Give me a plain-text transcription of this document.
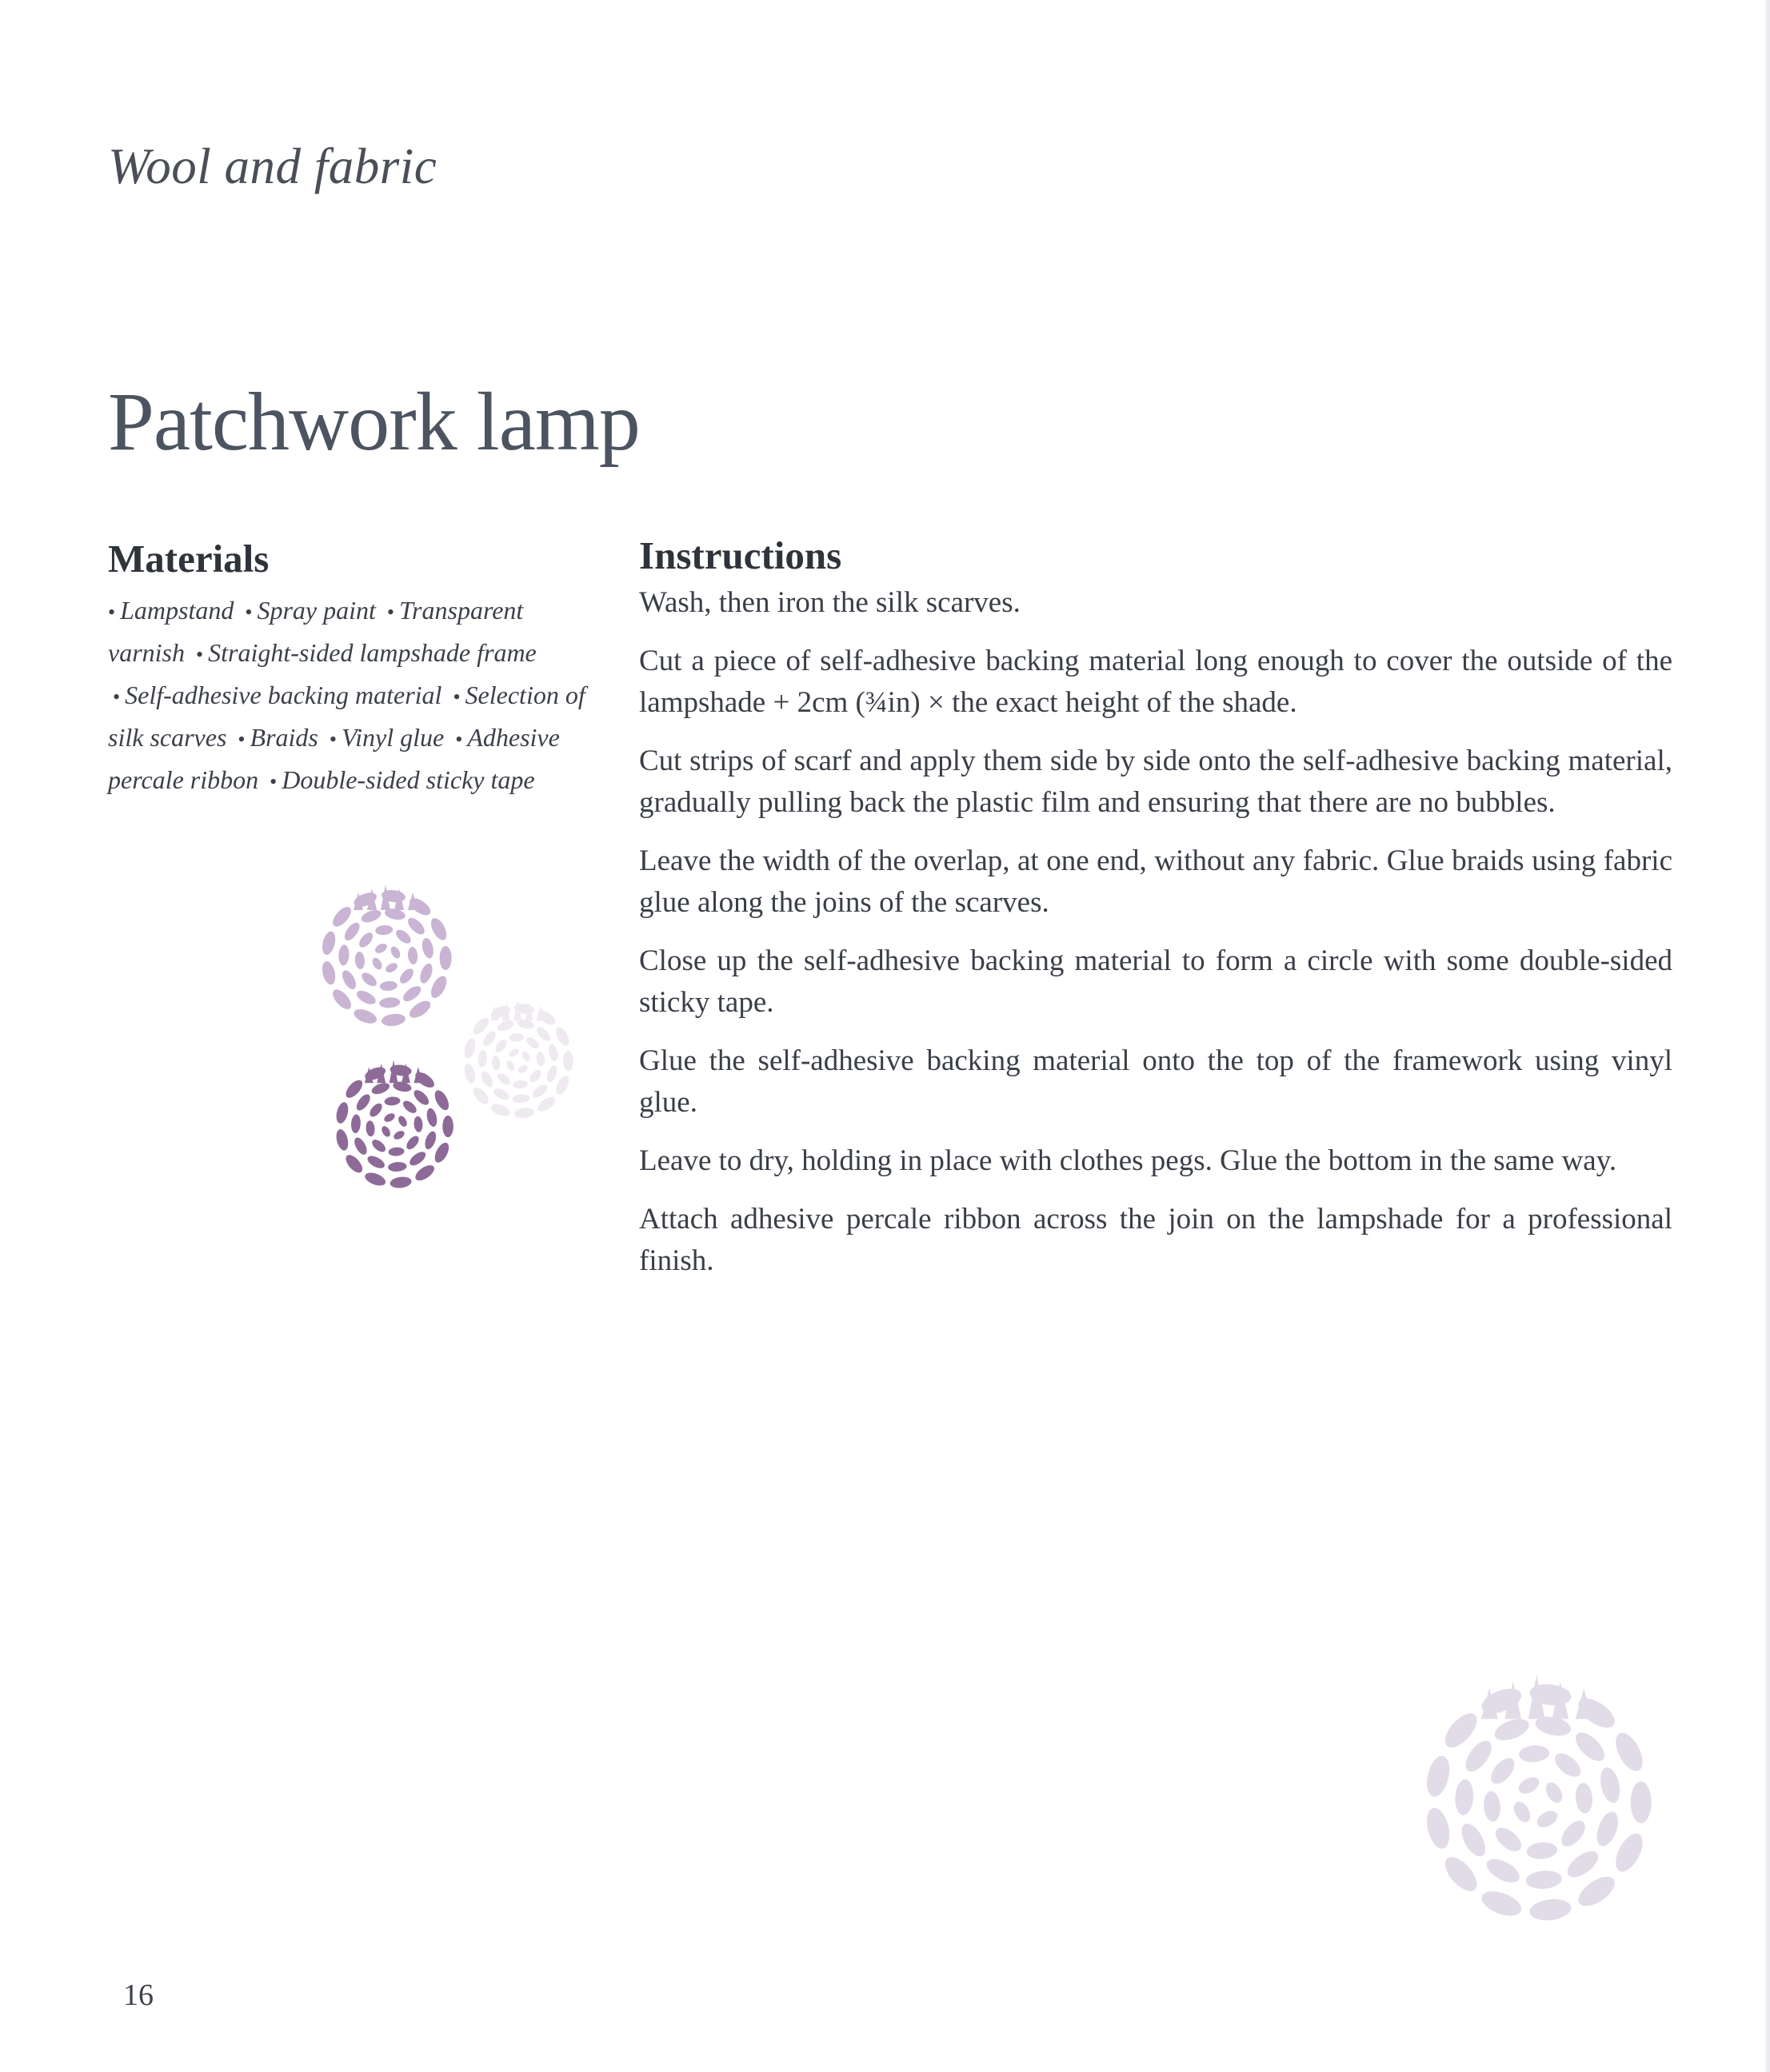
Wool and fabric
Patchwork lamp
Materials

• Lampstand • Spray paint • Transparent varnish • Straight-sided lampshade frame • Self-adhesive backing material • Selection of silk scarves • Braids • Vinyl glue • Adhesive percale ribbon • Double-sided sticky tape

Instructions
Wash, then iron the silk scarves.
Cut a piece of self-adhesive backing material long enough to cover the outside of the lampshade + 2cm (¾in) × the exact height of the shade.
Cut strips of scarf and apply them side by side onto the self-adhesive backing material, gradually pulling back the plastic film and ensuring that there are no bubbles.
Leave the width of the overlap, at one end, without any fabric. Glue braids using fabric glue along the joins of the scarves.
Close up the self-adhesive backing material to form a circle with some double-sided sticky tape.
Glue the self-adhesive backing material onto the top of the framework using vinyl glue.
Leave to dry, holding in place with clothes pegs. Glue the bottom in the same way.
Attach adhesive percale ribbon across the join on the lampshade for a professional finish.

16
